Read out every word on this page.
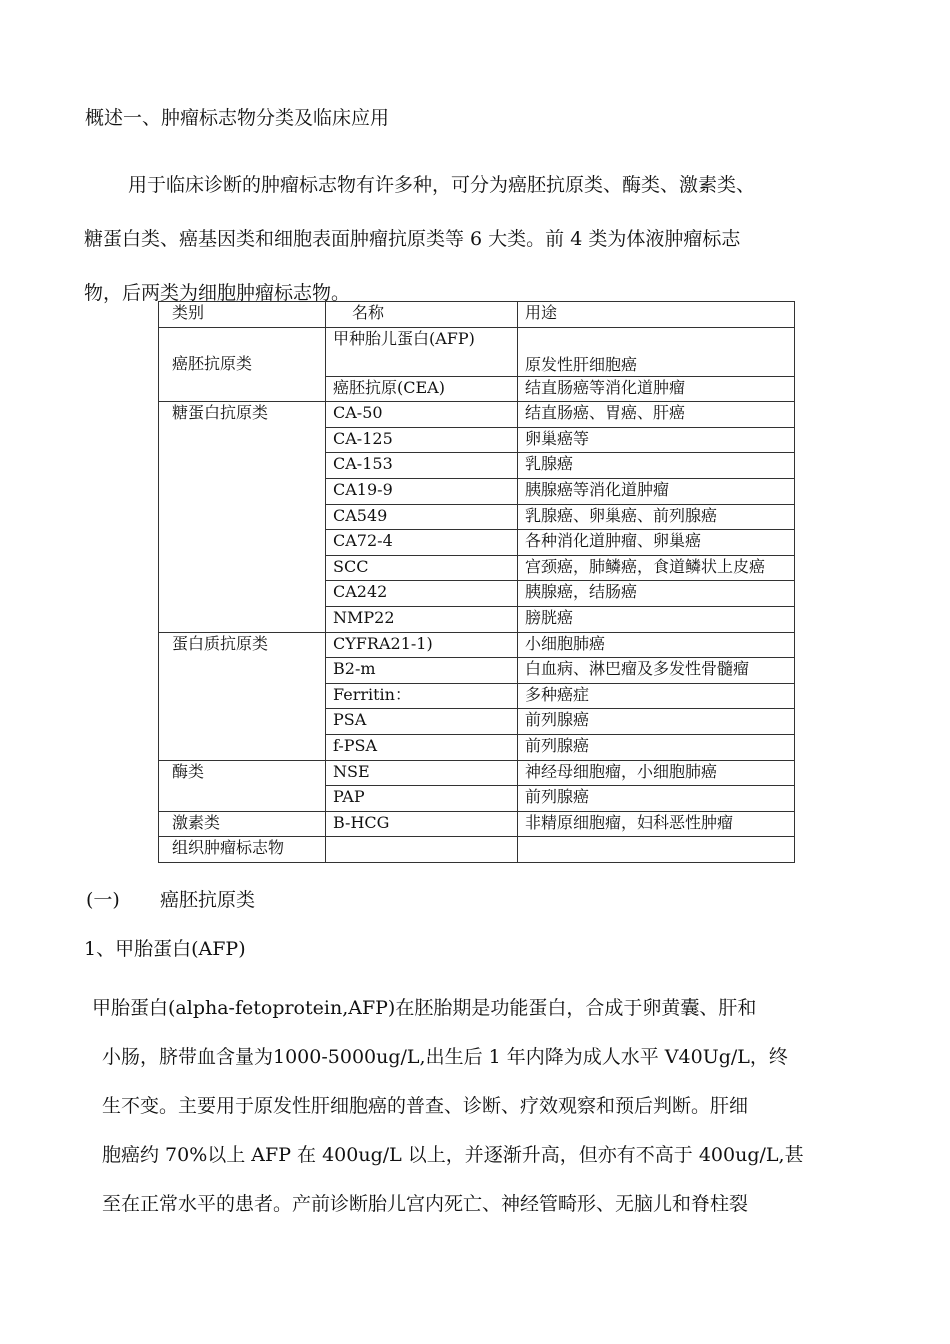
概述一、肿瘤标志物分类及临床应用
用于临床诊断的肿瘤标志物有许多种，可分为癌胚抗原类、酶类、激素类、
糖蛋白类、癌基因类和细胞表面肿瘤抗原类等 6 大类。前 4 类为体液肿瘤标志
物，后两类为细胞肿瘤标志物。
类别	名称	用途
癌胚抗原类	甲种胎儿蛋白(AFP)	原发性肝细胞癌
	癌胚抗原(CEA)	结直肠癌等消化道肿瘤
糖蛋白抗原类	CA-50	结直肠癌、胃癌、肝癌
	CA-125	卵巢癌等
	CA-153	乳腺癌
	CA19-9	胰腺癌等消化道肿瘤
	CA549	乳腺癌、卵巢癌、前列腺癌
	CA72-4	各种消化道肿瘤、卵巢癌
	SCC	宫颈癌，肺鳞癌，食道鳞状上皮癌
	CA242	胰腺癌，结肠癌
	NMP22	膀胱癌
蛋白质抗原类	CYFRA21-1)	小细胞肺癌
	B2-m	白血病、淋巴瘤及多发性骨髓瘤
	Ferritin：	多种癌症
	PSA	前列腺癌
	f-PSA	前列腺癌
酶类	NSE	神经母细胞瘤，小细胞肺癌
	PAP	前列腺癌
激素类	B-HCG	非精原细胞瘤，妇科恶性肿瘤
组织肿瘤标志物		
(一) 癌胚抗原类
1、甲胎蛋白(AFP)
甲胎蛋白(alpha-fetoprotein,AFP)在胚胎期是功能蛋白，合成于卵黄囊、肝和
小肠，脐带血含量为1000-5000ug/L,出生后 1 年内降为成人水平 V40Ug/L，终
生不变。主要用于原发性肝细胞癌的普查、诊断、疗效观察和预后判断。肝细
胞癌约 70%以上 AFP 在 400ug/L 以上，并逐渐升高，但亦有不高于 400ug/L,甚
至在正常水平的患者。产前诊断胎儿宫内死亡、神经管畸形、无脑儿和脊柱裂
